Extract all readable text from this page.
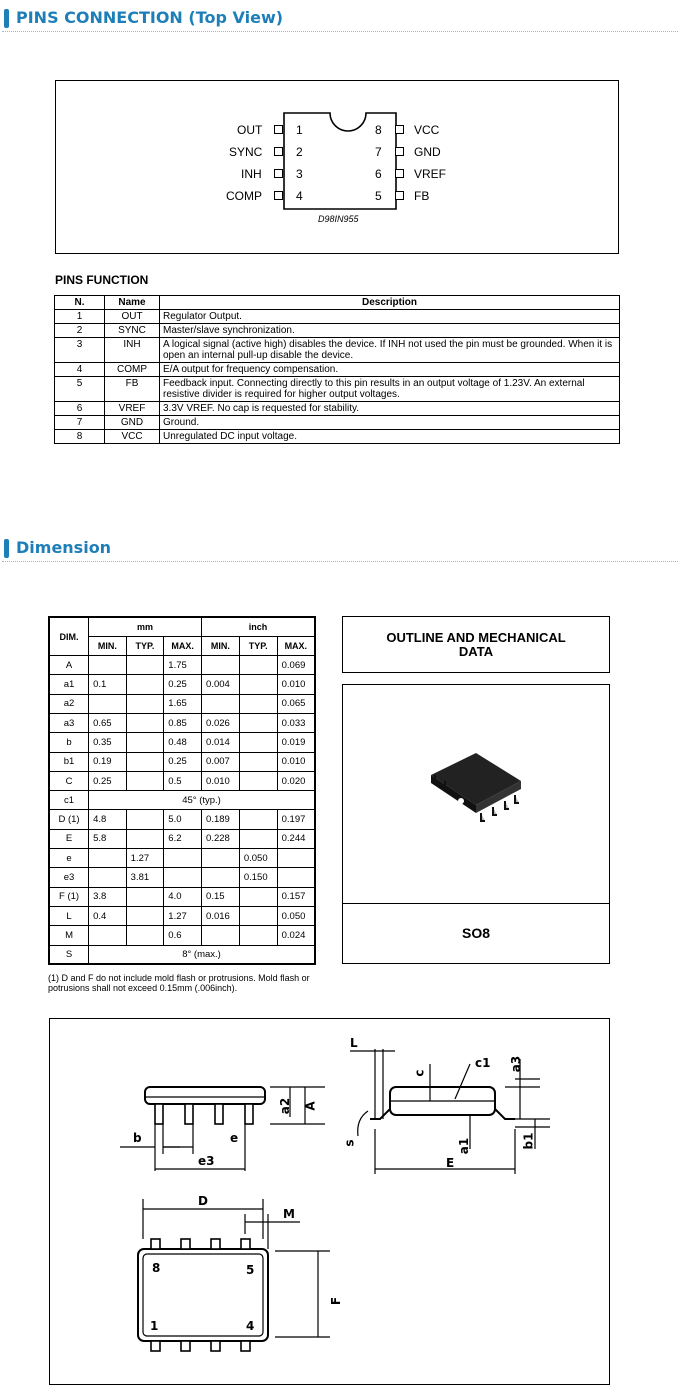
PINS CONNECTION (Top View)
OUT
SYNC
INH
COMP
1
2
3
4
8
7
6
5
VCC
GND
VREF
FB
D98IN955
PINS FUNCTION
N.	Name	Description
1	OUT	Regulator Output.
2	SYNC	Master/slave synchronization.
3	INH	A logical signal (active high) disables the device. If INH not used the pin must be grounded. When it is open an internal pull-up disable the device.
4	COMP	E/A output for frequency compensation.
5	FB	Feedback input. Connecting directly to this pin results in an output voltage of 1.23V. An external resistive divider is required for higher output voltages.
6	VREF	3.3V VREF. No cap is requested for stability.
7	GND	Ground.
8	VCC	Unregulated DC input voltage.
Dimension
DIM.	mm			inch		
	MIN.	TYP.	MAX.	MIN.	TYP.	MAX.
A			1.75			0.069
a1	0.1		0.25	0.004		0.010
a2			1.65			0.065
a3	0.65		0.85	0.026		0.033
b	0.35		0.48	0.014		0.019
b1	0.19		0.25	0.007		0.010
C	0.25		0.5	0.010		0.020
c1	45° (typ.)					
D (1)	4.8		5.0	0.189		0.197
E	5.8		6.2	0.228		0.244
e		1.27			0.050	
e3		3.81			0.150	
F (1)	3.8		4.0	0.15		0.157
L	0.4		1.27	0.016		0.050
M			0.6			0.024
S	8° (max.)					
(1) D and F do not include mold flash or protrusions. Mold flash or potrusions shall not exceed 0.15mm (.006inch).
OUTLINE AND MECHANICAL DATA
SO8
A
a2
b	e
e3
L
c
c1 a3
s	a1	b1
E
D
M
F
8	5
1	4
